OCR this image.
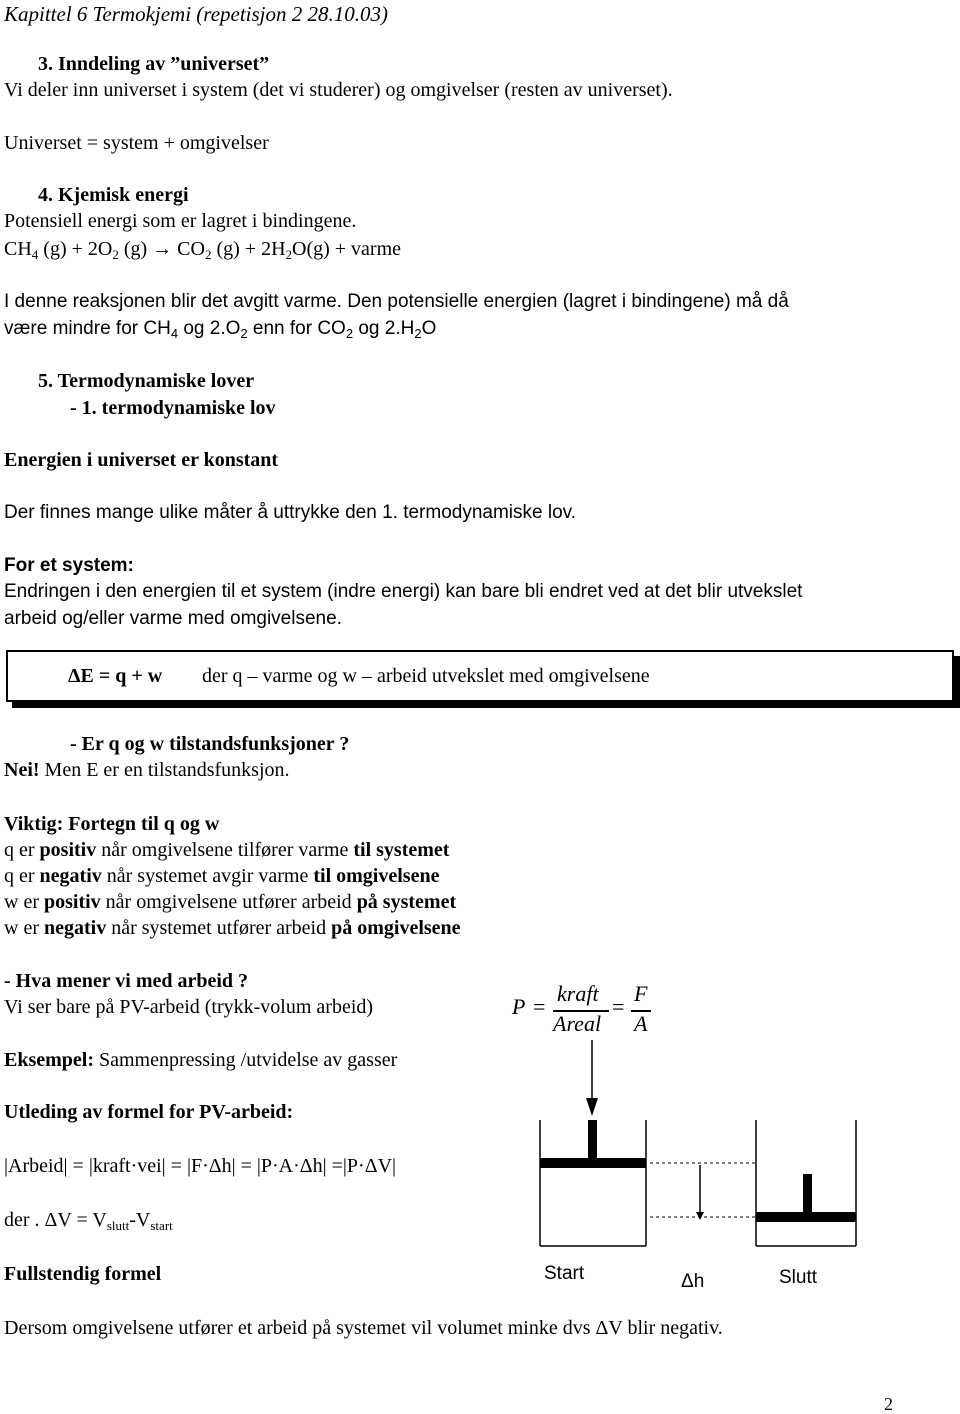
Kapittel 6 Termokjemi (repetisjon 2 28.10.03)
3. Inndeling av ”universet”
Vi deler inn universet i system (det vi studerer) og omgivelser (resten av universet).
Universet = system + omgivelser
4. Kjemisk energi
Potensiell energi som er lagret i bindingene.
$CH_4$ $(g) + 2O_2$ $(g) \to CO_2$ $(g) + 2H_2O(g)$ + varme
I denne reaksjonen blir det avgitt varme. Den potensielle energien (lagret i bindingene) må då
være mindre for $CH_4$ og $2.O_2$ enn for $CO_2$ og $2.H_2O$
5. Termodynamiske lover
- 1. termodynamiske lov
Energien i universet er konstant
Der finnes mange ulike måter å uttrykke den 1. termodynamiske lov.
For et system:
Endringen i den energien til et system (indre energi) kan bare bli endret ved at det blir utvekslet
arbeid og/eller varme med omgivelsene.
ΔE = q + w der q – varme og w – arbeid utvekslet med omgivelsene
- Er q og w tilstandsfunksjoner ?
Nei! Men E er en tilstandsfunksjon.
Viktig: Fortegn til q og w
q er positiv når omgivelsene tilfører varme til systemet
q er negativ når systemet avgir varme til omgivelsene
w er positiv når omgivelsene utfører arbeid på systemet
w er negativ når systemet utfører arbeid på omgivelsene
- Hva mener vi med arbeid ?
Vi ser bare på PV-arbeid (trykk-volum arbeid)	P =
kraft
Areal
=
F
A
Eksempel: Sammenpressing /utvidelse av gasser
Utleding av formel for PV-arbeid:
|Arbeid| = |kraft·vei| = |F·Δh| = |P·A·Δh| =|P·ΔV|
der . $\Delta V = V_{slutt}-V_{start}$
Fullstendig formel
Dersom omgivelsene utfører et arbeid på systemet vil volumet minke dvs ΔV blir negativ.
Start	Δh	Slutt
2
